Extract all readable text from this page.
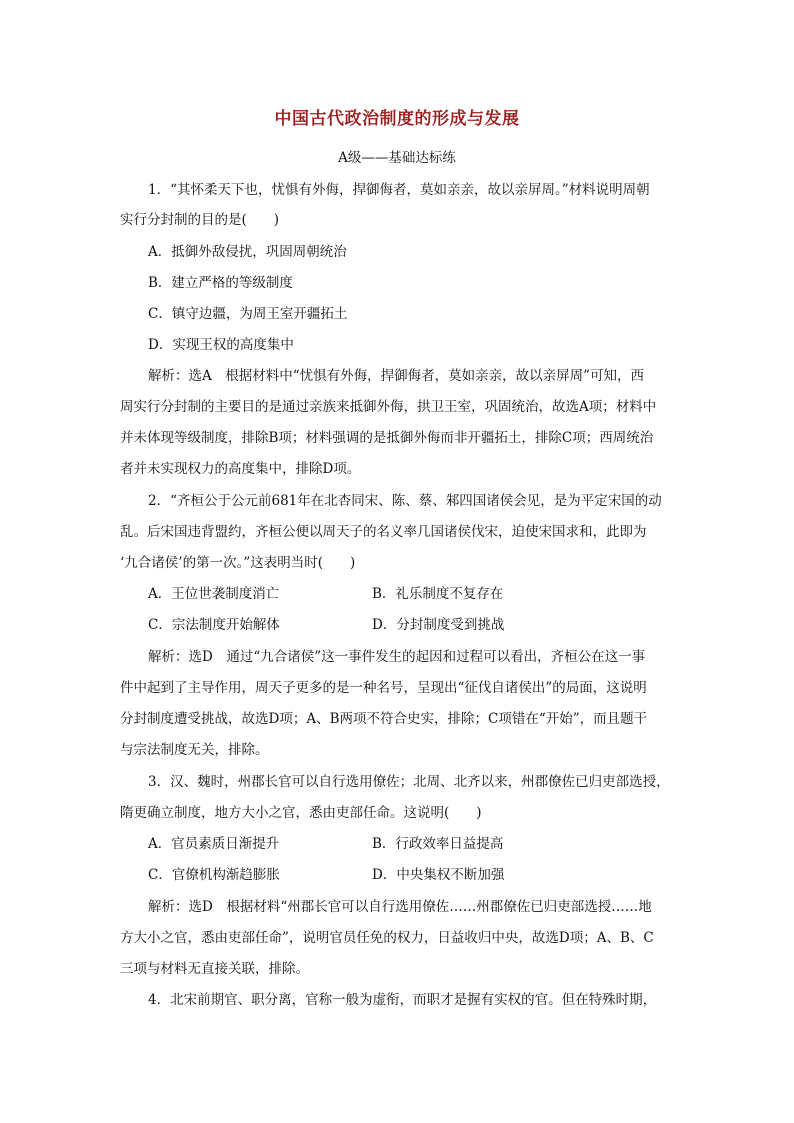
中国古代政治制度的形成与发展
A级——基础达标练
1．“其怀柔天下也，忧惧有外侮，捍御侮者，莫如亲亲，故以亲屏周。”材料说明周朝
实行分封制的目的是(　　)
A．抵御外敌侵扰，巩固周朝统治
B．建立严格的等级制度
C．镇守边疆，为周王室开疆拓土
D．实现王权的高度集中
解析：选A　根据材料中“忧惧有外侮，捍御侮者，莫如亲亲，故以亲屏周”可知，西
周实行分封制的主要目的是通过亲族来抵御外侮，拱卫王室，巩固统治，故选A项；材料中
并未体现等级制度，排除B项；材料强调的是抵御外侮而非开疆拓土，排除C项；西周统治
者并未实现权力的高度集中，排除D项。
2．“齐桓公于公元前681年在北杏同宋、陈、蔡、邾四国诸侯会见，是为平定宋国的动
乱。后宋国违背盟约，齐桓公便以周天子的名义率几国诸侯伐宋，迫使宋国求和，此即为
‘九合诸侯’的第一次。”这表明当时(　　)
A．王位世袭制度消亡	B．礼乐制度不复存在
C．宗法制度开始解体	D．分封制度受到挑战
解析：选D　通过“九合诸侯”这一事件发生的起因和过程可以看出，齐桓公在这一事
件中起到了主导作用，周天子更多的是一种名号，呈现出“征伐自诸侯出”的局面，这说明
分封制度遭受挑战，故选D项；A、B两项不符合史实，排除；C项错在“开始”，而且题干
与宗法制度无关，排除。
3．汉、魏时，州郡长官可以自行选用僚佐；北周、北齐以来，州郡僚佐已归吏部选授，
隋更确立制度，地方大小之官，悉由吏部任命。这说明(　　)
A．官员素质日渐提升	B．行政效率日益提高
C．官僚机构渐趋膨胀	D．中央集权不断加强
解析：选D　根据材料“州郡长官可以自行选用僚佐……州郡僚佐已归吏部选授……地
方大小之官，悉由吏部任命”，说明官员任免的权力，日益收归中央，故选D项；A、B、C
三项与材料无直接关联，排除。
4．北宋前期官、职分离，官称一般为虚衔，而职才是握有实权的官。但在特殊时期，
